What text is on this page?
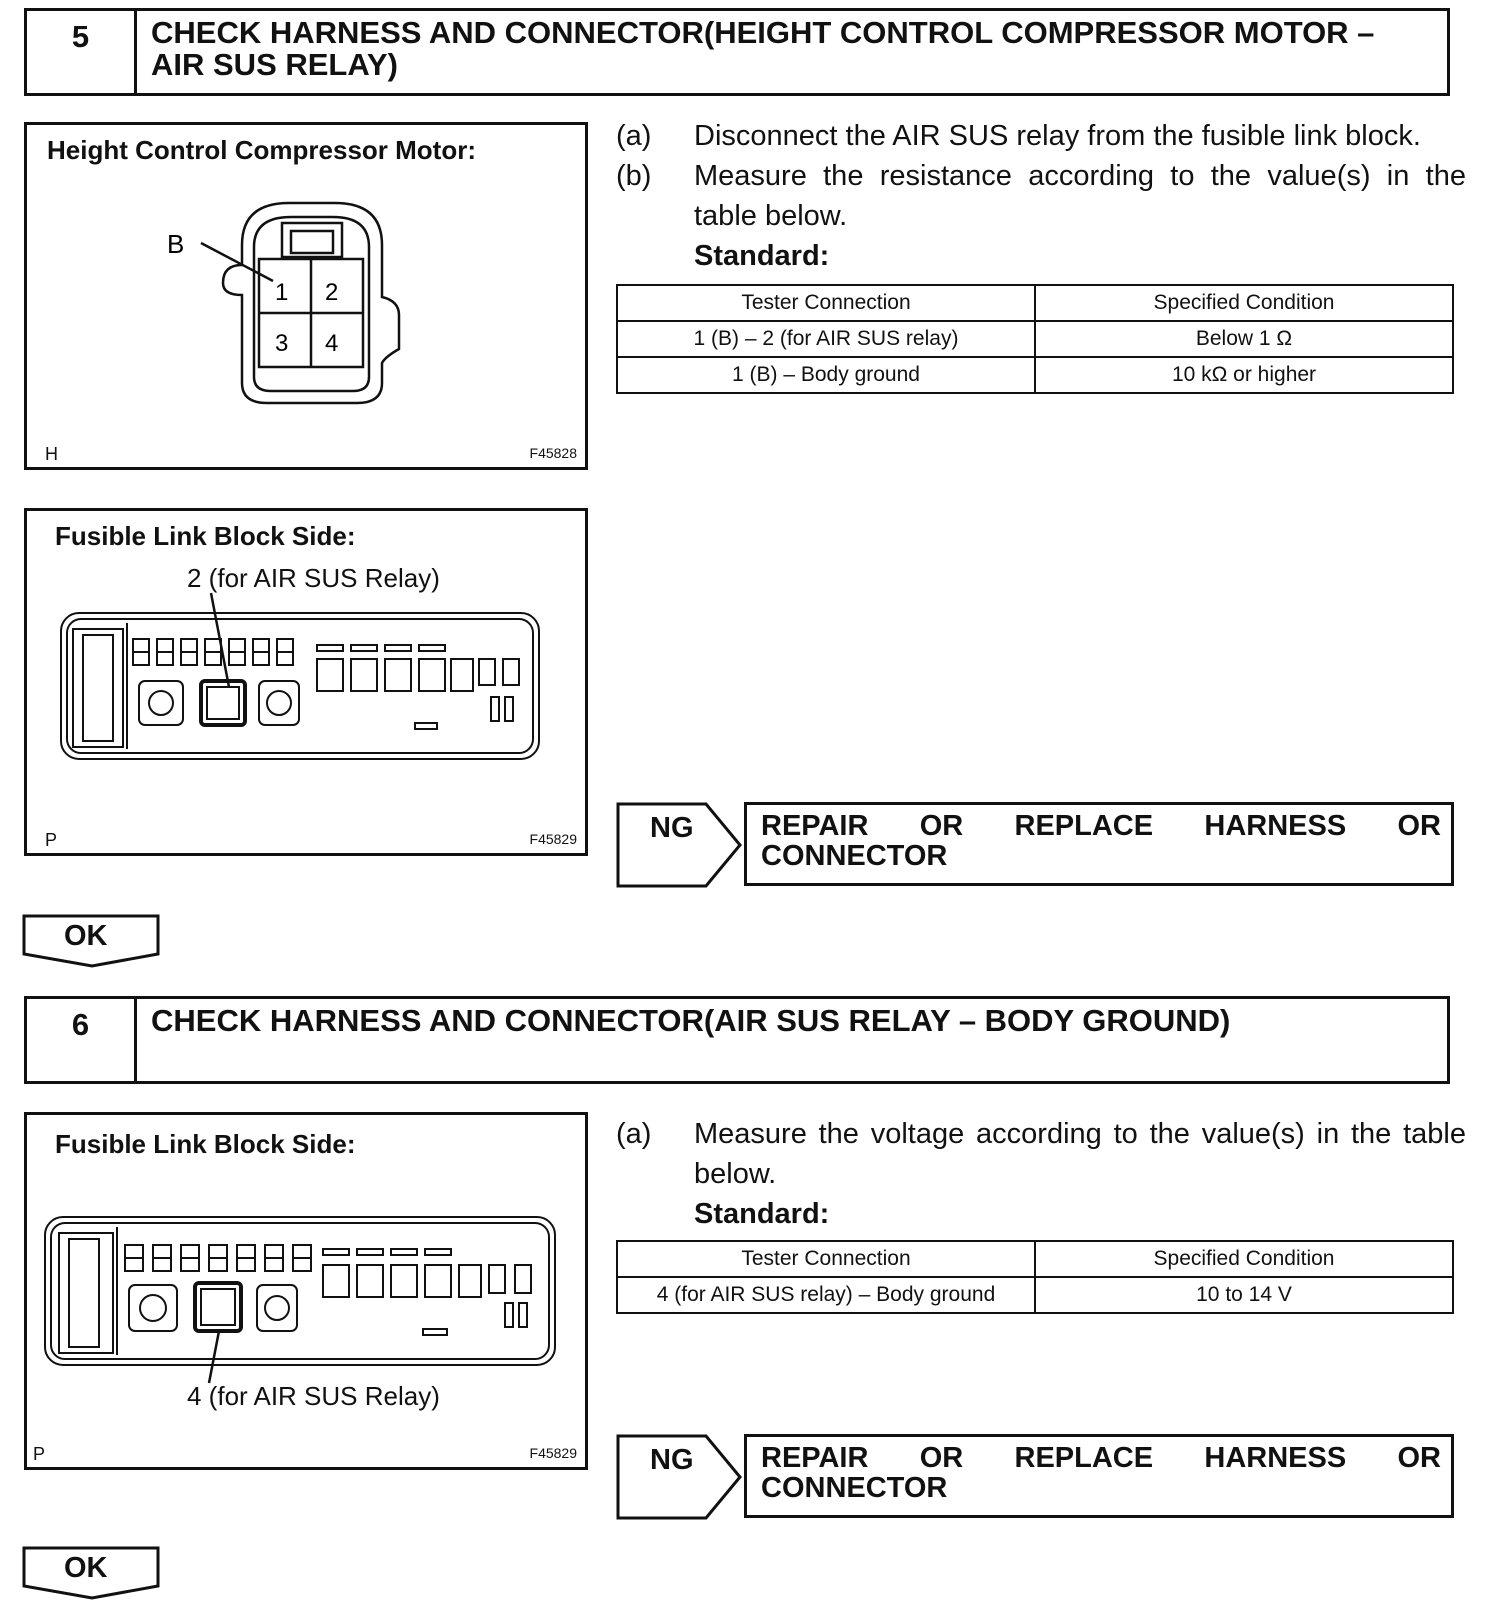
5	CHECK HARNESS AND CONNECTOR(HEIGHT CONTROL COMPRESSOR MOTOR – AIR SUS RELAY)
Height Control Compressor Motor:
1 2
3 4
B
H	F45828
Fusible Link Block Side:
2 (for AIR SUS Relay)
P	F45829
(a) Disconnect the AIR SUS relay from the fusible link block.
(b) Measure the resistance according to the value(s) in the table below.
Standard:
Tester Connection	Specified Condition
1 (B) – 2 (for AIR SUS relay)	Below 1 Ω
1 (B) – Body ground	10 kΩ or higher
NG REPAIR OR REPLACE HARNESS OR
CONNECTOR
OK
6	CHECK HARNESS AND CONNECTOR(AIR SUS RELAY – BODY GROUND)
Fusible Link Block Side:
4 (for AIR SUS Relay)
P	F45829
(a) Measure the voltage according to the value(s) in the table below.
Standard:
Tester Connection	Specified Condition
4 (for AIR SUS relay) – Body ground	10 to 14 V
NG REPAIR OR REPLACE HARNESS OR
CONNECTOR
OK
